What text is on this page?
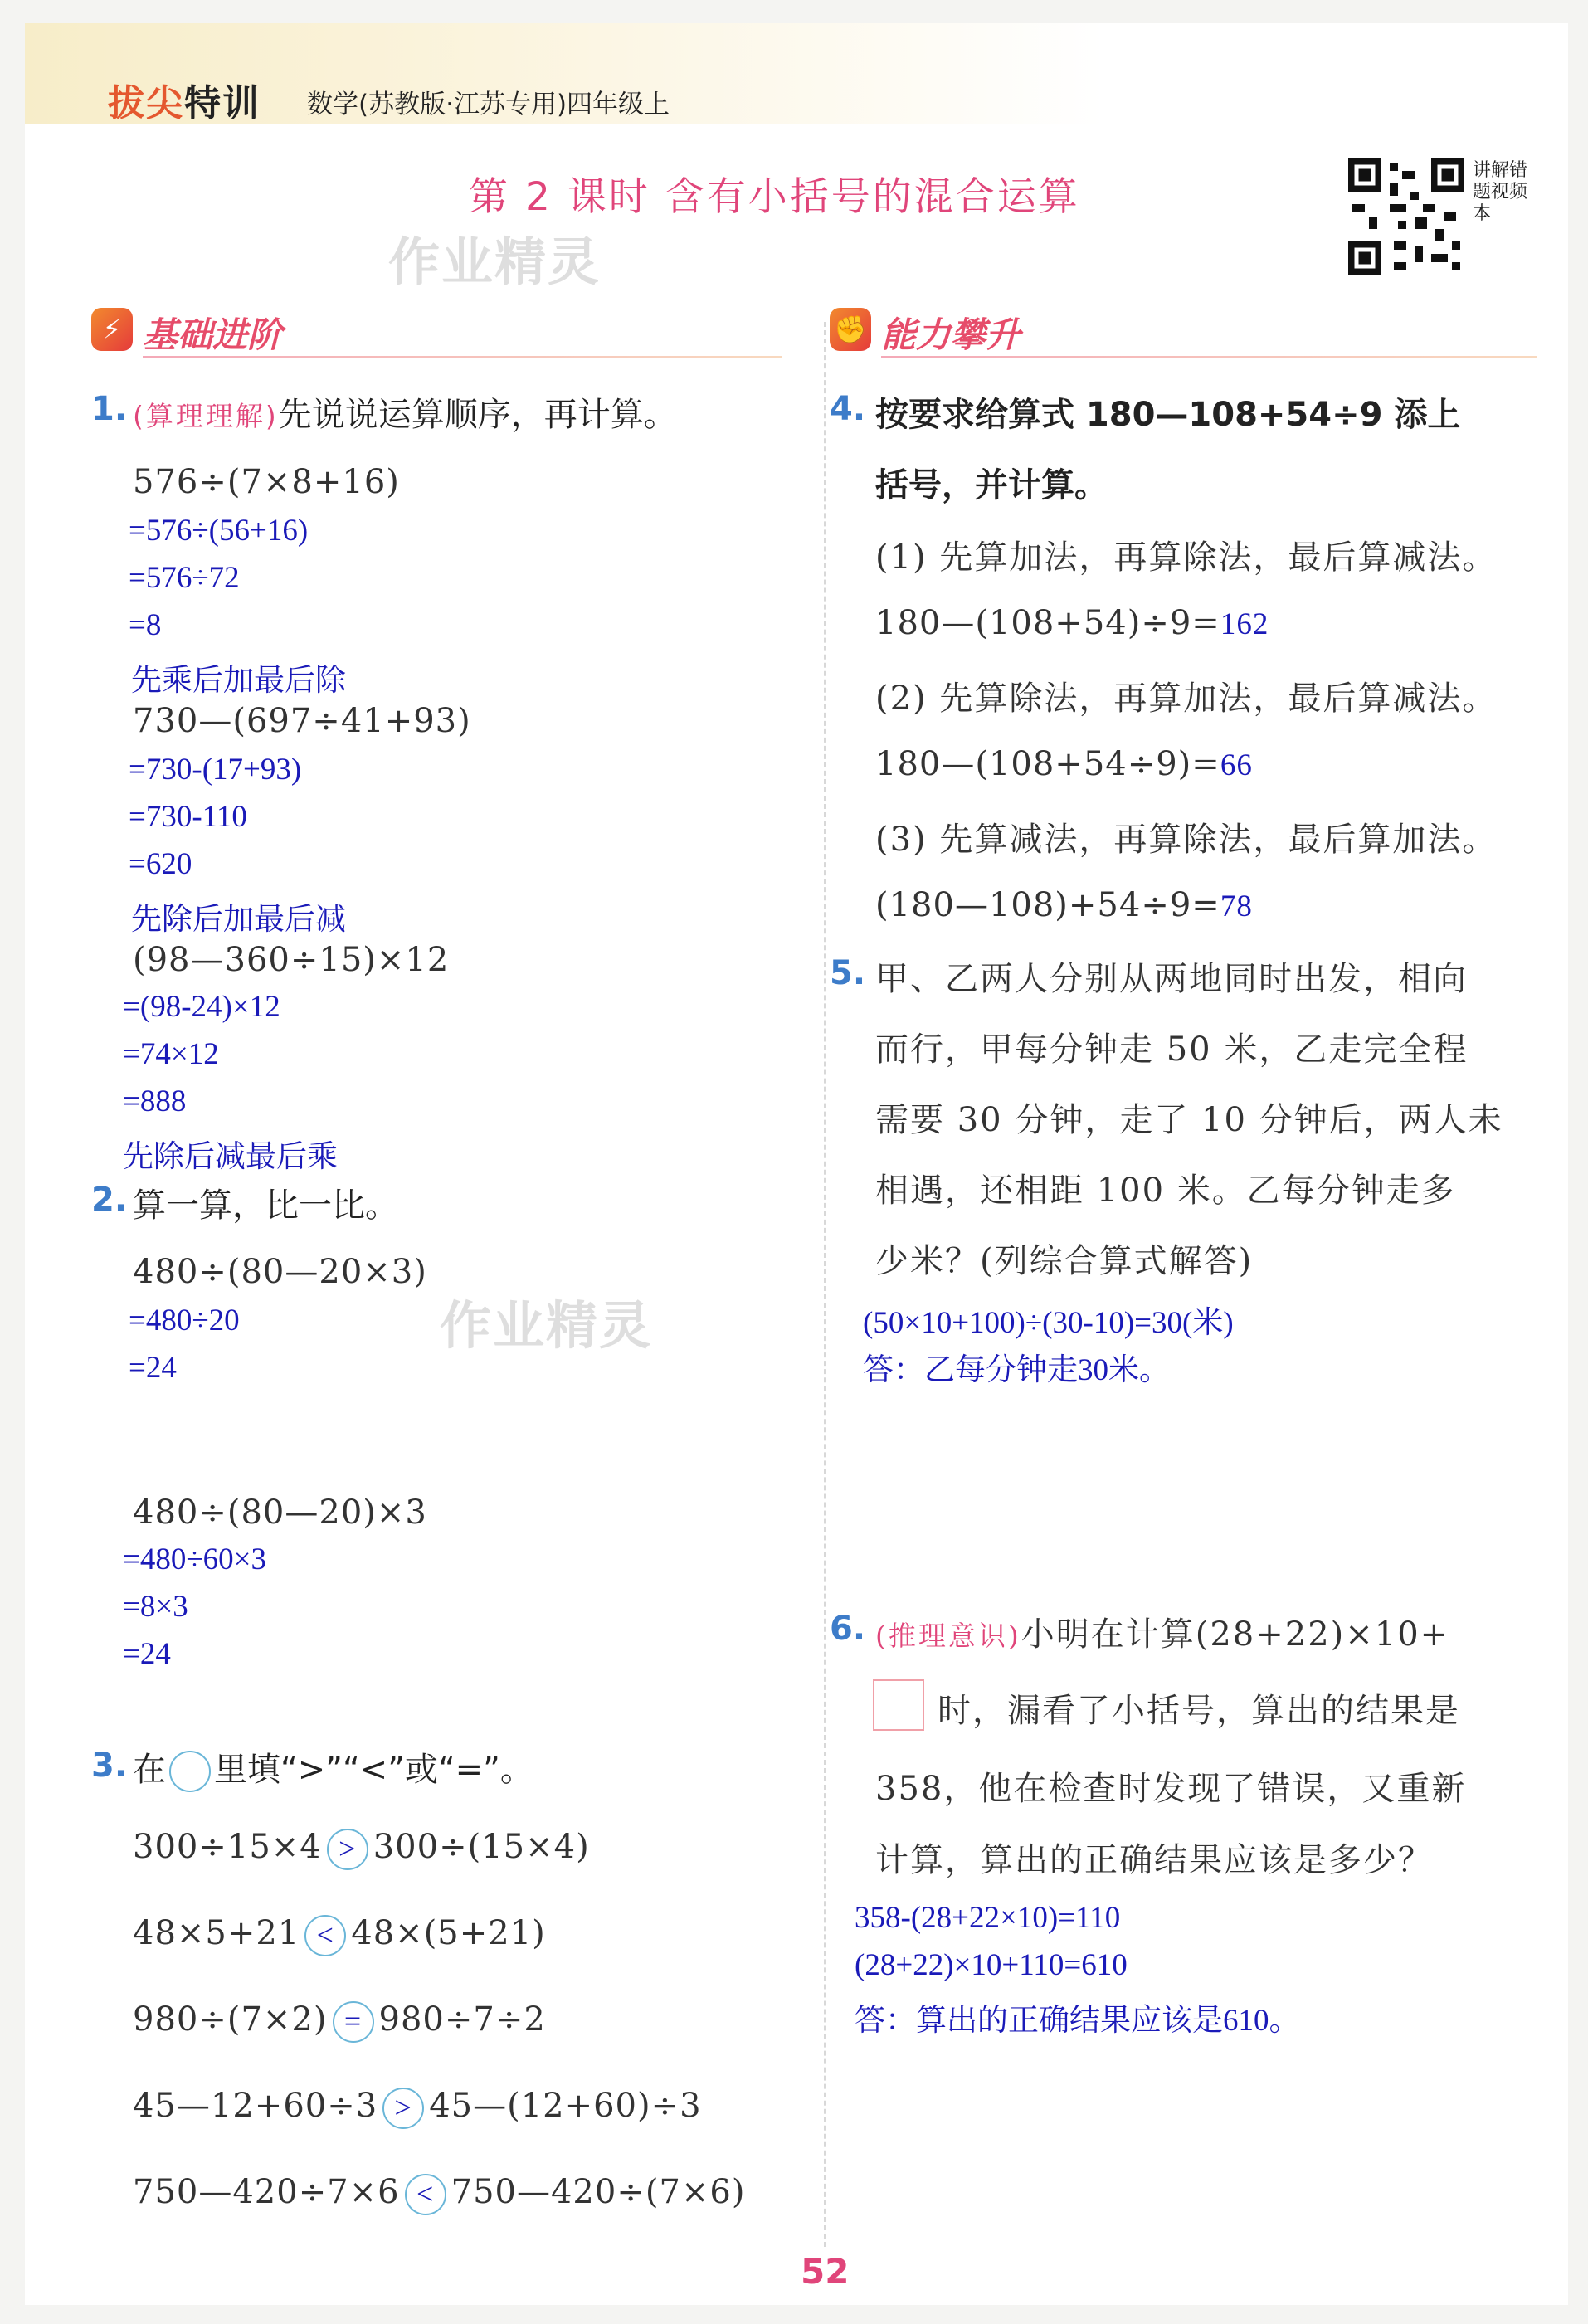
拔尖特训 数学(苏教版·江苏专用)四年级上
第 2 课时 含有小括号的混合运算
讲解错题视频本
作业精灵
作业精灵
⚡ 基础进阶	✊ 能力攀升
1. (算理理解)先说说运算顺序，再计算。
576÷(7×8+16)
=576÷(56+16)
=576÷72
=8
先乘后加最后除
730—(697÷41+93)
=730-(17+93)
=730-110
=620
先除后加最后减
(98—360÷15)×12
=(98-24)×12
=74×12
=888
先除后减最后乘
2. 算一算，比一比。
480÷(80—20×3)
=480÷20
=24
480÷(80—20)×3
=480÷60×3
=8×3
=24
3. 在 里填“>”“<”或“=”。
300÷15×4 > 300÷(15×4)
48×5+21 < 48×(5+21)
980÷(7×2) = 980÷7÷2
45—12+60÷3 > 45—(12+60)÷3
750—420÷7×6 < 750—420÷(7×6)
4. 按要求给算式 180—108+54÷9 添上
括号，并计算。
(1) 先算加法，再算除法，最后算减法。
180—(108+54)÷9=162
(2) 先算除法，再算加法，最后算减法。
180—(108+54÷9)=66
(3) 先算减法，再算除法，最后算加法。
(180—108)+54÷9=78
5. 甲、乙两人分别从两地同时出发，相向
而行，甲每分钟走 50 米，乙走完全程
需要 30 分钟，走了 10 分钟后，两人未
相遇，还相距 100 米。乙每分钟走多
少米？(列综合算式解答)
(50×10+100)÷(30-10)=30(米)
答：乙每分钟走30米。
6. (推理意识)小明在计算(28+22)×10+
时，漏看了小括号，算出的结果是
358，他在检查时发现了错误，又重新
计算，算出的正确结果应该是多少？
358-(28+22×10)=110
(28+22)×10+110=610
答：算出的正确结果应该是610。
52
